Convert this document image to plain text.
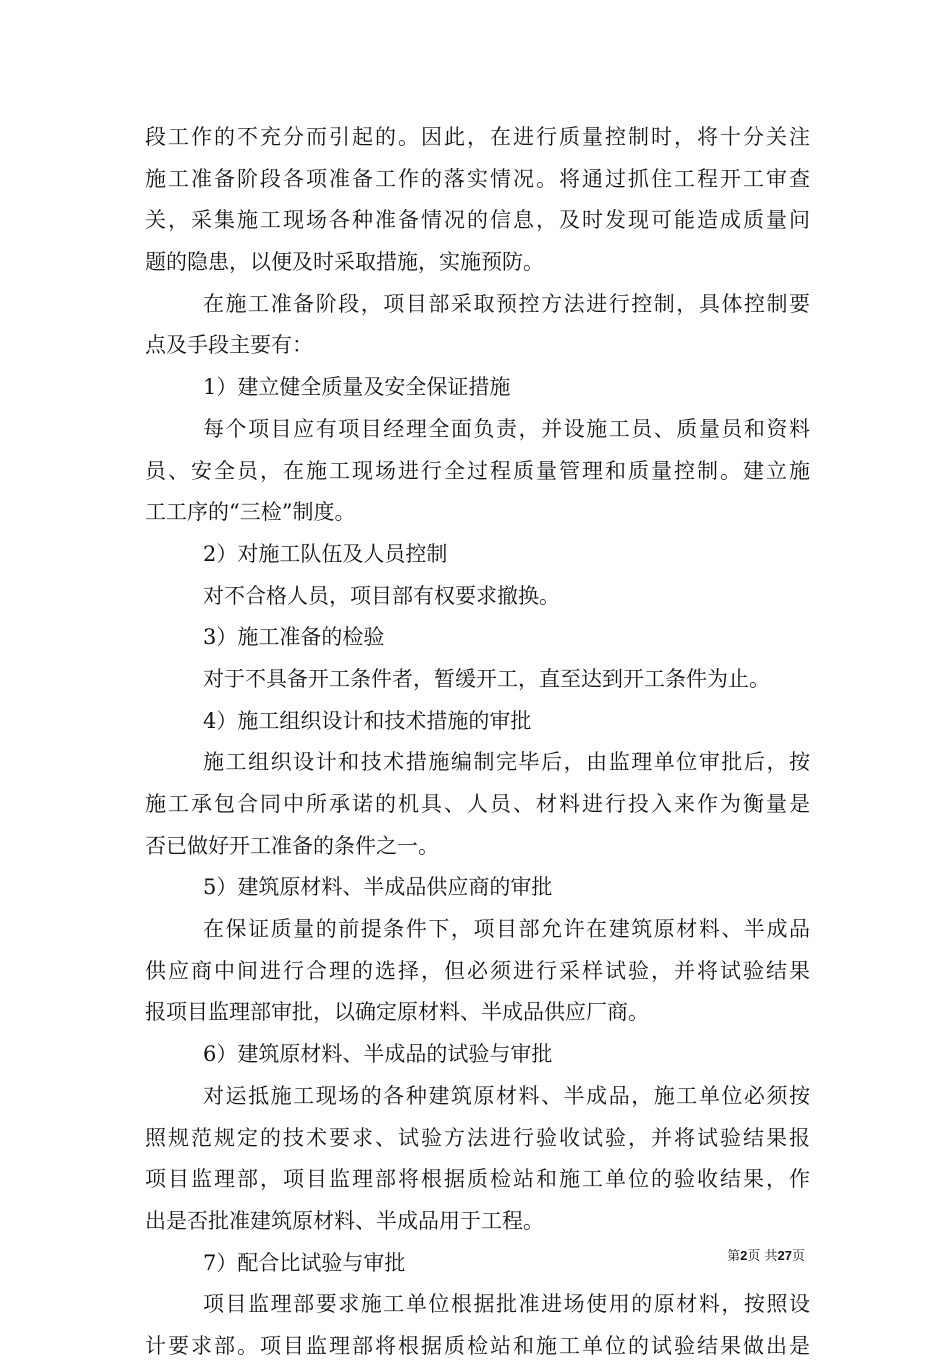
段工作的不充分而引起的。因此，在进行质量控制时，将十分关注
施工准备阶段各项准备工作的落实情况。将通过抓住工程开工审查
关，采集施工现场各种准备情况的信息，及时发现可能造成质量问
题的隐患，以便及时采取措施，实施预防。
在施工准备阶段，项目部采取预控方法进行控制，具体控制要
点及手段主要有：
1）建立健全质量及安全保证措施
每个项目应有项目经理全面负责，并设施工员、质量员和资料
员、安全员，在施工现场进行全过程质量管理和质量控制。建立施
工工序的“三检”制度。
2）对施工队伍及人员控制
对不合格人员，项目部有权要求撤换。
3）施工准备的检验
对于不具备开工条件者，暂缓开工，直至达到开工条件为止。
4）施工组织设计和技术措施的审批
施工组织设计和技术措施编制完毕后，由监理单位审批后，按
施工承包合同中所承诺的机具、人员、材料进行投入来作为衡量是
否已做好开工准备的条件之一。
5）建筑原材料、半成品供应商的审批
在保证质量的前提条件下，项目部允许在建筑原材料、半成品
供应商中间进行合理的选择，但必须进行采样试验，并将试验结果
报项目监理部审批，以确定原材料、半成品供应厂商。
6）建筑原材料、半成品的试验与审批
对运抵施工现场的各种建筑原材料、半成品，施工单位必须按
照规范规定的技术要求、试验方法进行验收试验，并将试验结果报
项目监理部，项目监理部将根据质检站和施工单位的验收结果，作
出是否批准建筑原材料、半成品用于工程。
7）配合比试验与审批
项目监理部要求施工单位根据批准进场使用的原材料，按照设
计要求部。项目监理部将根据质检站和施工单位的试验结果做出是
第2页 共27页
